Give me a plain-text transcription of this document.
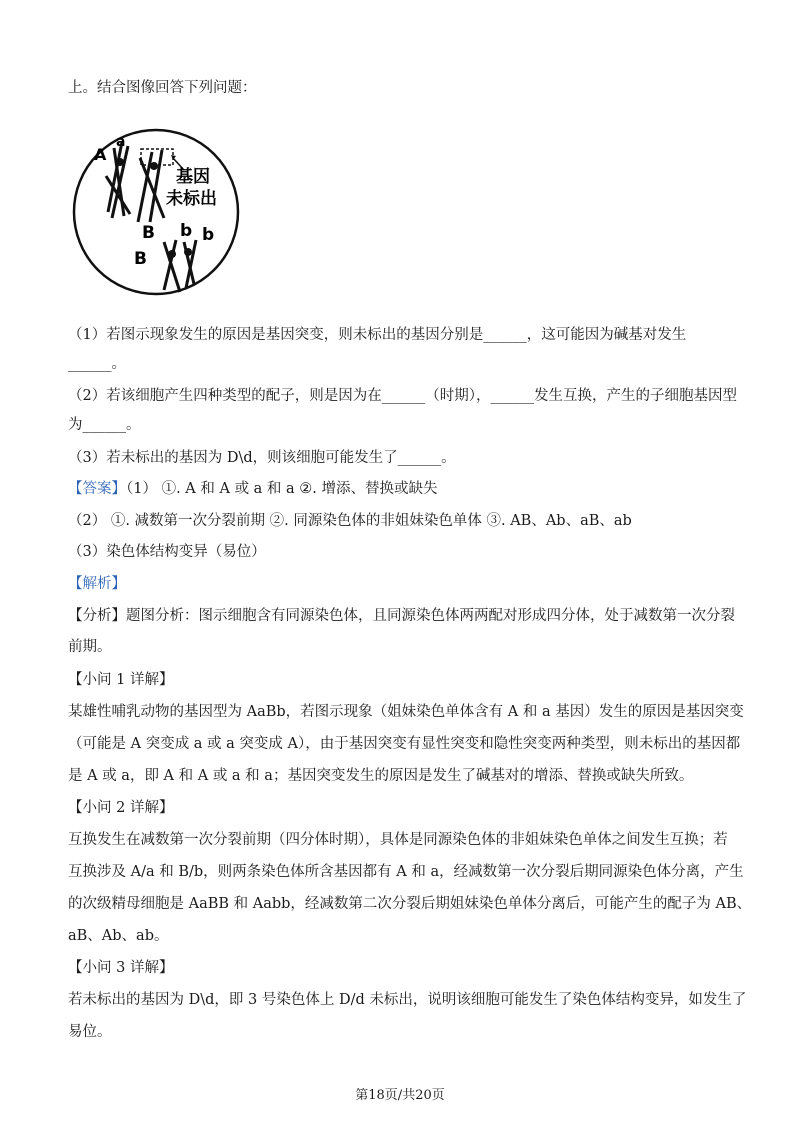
上。结合图像回答下列问题：
A
a
基因
未标出
B
B
b b
（1）若图示现象发生的原因是基因突变，则未标出的基因分别是______，这可能因为碱基对发生
______。
（2）若该细胞产生四种类型的配子，则是因为在______（时期），______发生互换，产生的子细胞基因型
为______。
（3）若未标出的基因为 D\d，则该细胞可能发生了______。
【答案】（1） ①. A 和 A 或 a 和 a ②. 增添、替换或缺失
（2） ①. 减数第一次分裂前期 ②. 同源染色体的非姐妹染色单体 ③. AB、Ab、aB、ab
（3）染色体结构变异（易位）
【解析】
【分析】题图分析：图示细胞含有同源染色体，且同源染色体两两配对形成四分体，处于减数第一次分裂
前期。
【小问 1 详解】
某雄性哺乳动物的基因型为 AaBb，若图示现象（姐妹染色单体含有 A 和 a 基因）发生的原因是基因突变
（可能是 A 突变成 a 或 a 突变成 A），由于基因突变有显性突变和隐性突变两种类型，则未标出的基因都
是 A 或 a，即 A 和 A 或 a 和 a；基因突变发生的原因是发生了碱基对的增添、替换或缺失所致。
【小问 2 详解】
互换发生在减数第一次分裂前期（四分体时期），具体是同源染色体的非姐妹染色单体之间发生互换；若
互换涉及 A/a 和 B/b，则两条染色体所含基因都有 A 和 a，经减数第一次分裂后期同源染色体分离，产生
的次级精母细胞是 AaBB 和 Aabb，经减数第二次分裂后期姐妹染色单体分离后，可能产生的配子为 AB、
aB、Ab、ab。
【小问 3 详解】
若未标出的基因为 D\d，即 3 号染色体上 D/d 未标出，说明该细胞可能发生了染色体结构变异，如发生了
易位。
第18页/共20页
